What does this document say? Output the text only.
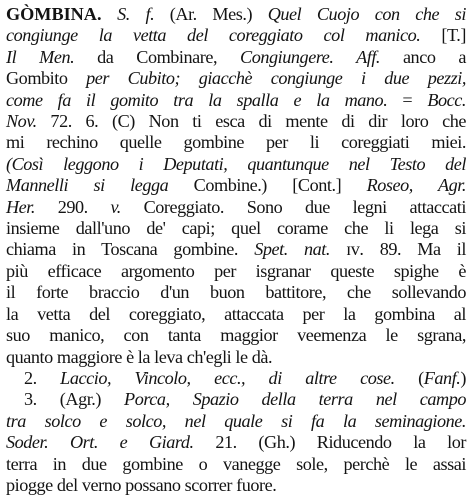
GÒMBINA. S. f. (Ar. Mes.) Quel Cuojo con che si
congiunge la vetta del coreggiato col manico. [T.]
Il Men. da Combinare, Congiungere. Aff. anco a
Gombito per Cubito; giacchè congiunge i due pezzi,
come fa il gomito tra la spalla e la mano. = Bocc.
Nov. 72. 6. (C) Non ti esca di mente di dir loro che
mi rechino quelle gombine per li coreggiati miei.
(Così leggono i Deputati, quantunque nel Testo del
Mannelli si legga Combine.) [Cont.] Roseo, Agr.
Her. 290. v. Coreggiato. Sono due legni attaccati
insieme dall'uno de' capi; quel corame che li lega si
chiama in Toscana gombine. Spet. nat. ɪᴠ. 89. Ma il
più efficace argomento per isgranar queste spighe è
il forte braccio d'un buon battitore, che sollevando
la vetta del coreggiato, attaccata per la gombina al
suo manico, con tanta maggior veemenza le sgrana,
quanto maggiore è la leva ch'egli le dà.
2. Laccio, Vincolo, ecc., di altre cose. (Fanf.)
3. (Agr.) Porca, Spazio della terra nel campo
tra solco e solco, nel quale si fa la seminagione.
Soder. Ort. e Giard. 21. (Gh.) Riducendo la lor
terra in due gombine o vanegge sole, perchè le assai
piogge del verno possano scorrer fuore.
